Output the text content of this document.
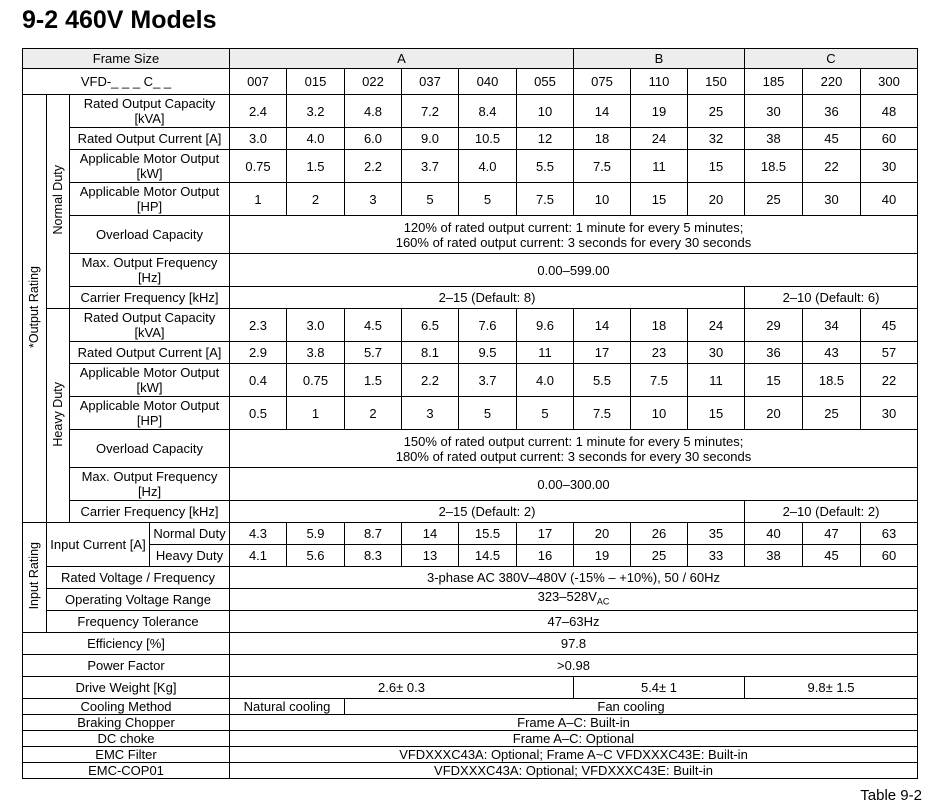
9-2 460V Models
Frame Size				A						B			C		
VFD-_ _ _ C_ _				007	015	022	037	040	055	075	110	150	185	220	300
*Output Rating	Normal Duty	Rated Output Capacity
[kVA]		2.4	3.2	4.8	7.2	8.4	10	14	19	25	30	36	48
		Rated Output Current [A]		3.0	4.0	6.0	9.0	10.5	12	18	24	32	38	45	60
		Applicable Motor Output
[kW]		0.75	1.5	2.2	3.7	4.0	5.5	7.5	11	15	18.5	22	30
		Applicable Motor Output
[HP]		1	2	3	5	5	7.5	10	15	20	25	30	40
		Overload Capacity		120% of rated output current: 1 minute for every 5 minutes;
160% of rated output current: 3 seconds for every 30 seconds											
		Max. Output Frequency
[Hz]		0.00–599.00											
		Carrier Frequency [kHz]		2–15 (Default: 8)									2–10 (Default: 6)		
	Heavy Duty	Rated Output Capacity
[kVA]		2.3	3.0	4.5	6.5	7.6	9.6	14	18	24	29	34	45
		Rated Output Current [A]		2.9	3.8	5.7	8.1	9.5	11	17	23	30	36	43	57
		Applicable Motor Output
[kW]		0.4	0.75	1.5	2.2	3.7	4.0	5.5	7.5	11	15	18.5	22
		Applicable Motor Output
[HP]		0.5	1	2	3	5	5	7.5	10	15	20	25	30
		Overload Capacity		150% of rated output current: 1 minute for every 5 minutes;
180% of rated output current: 3 seconds for every 30 seconds											
		Max. Output Frequency
[Hz]		0.00–300.00											
		Carrier Frequency [kHz]		2–15 (Default: 2)									2–10 (Default: 2)		
Input Rating	Input Current [A]		Normal Duty	4.3	5.9	8.7	14	15.5	17	20	26	35	40	47	63
			Heavy Duty	4.1	5.6	8.3	13	14.5	16	19	25	33	38	45	60
	Rated Voltage / Frequency			3-phase AC 380V–480V (-15% – +10%), 50 / 60Hz											
	Operating Voltage Range			$323-528V_{AC}$
	Frequency Tolerance			47–63Hz											
Efficiency [%]				97.8											
Power Factor				>0.98											
Drive Weight [Kg]				2.6± 0.3						5.4± 1			9.8± 1.5		
Cooling Method				Natural cooling		Fan cooling									
Braking Chopper				Frame A–C: Built-in											
DC choke				Frame A–C: Optional											
EMC Filter				VFDXXXC43A: Optional; Frame A~C VFDXXXC43E: Built-in											
EMC-COP01				VFDXXXC43A: Optional; VFDXXXC43E: Built-in											
Table 9-2
